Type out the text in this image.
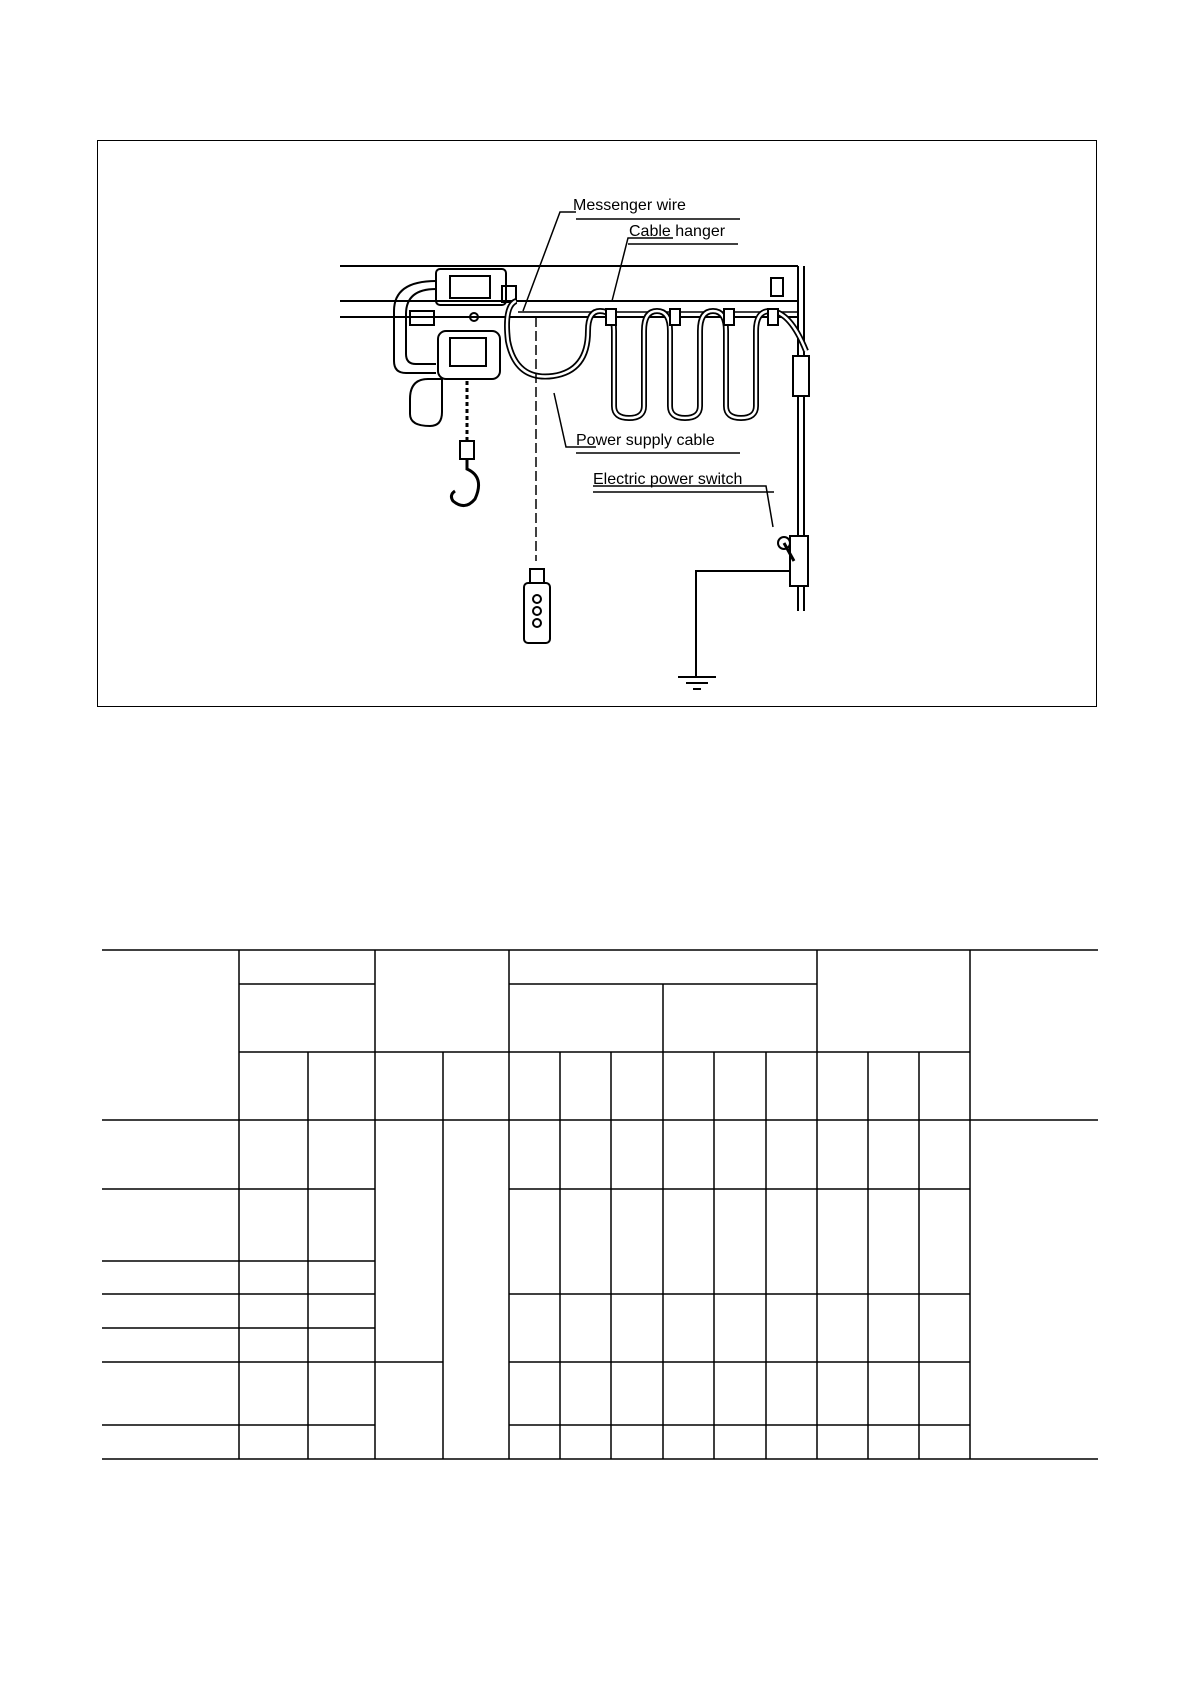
Messenger wire
Cable hanger
Power supply cable
Electric power switch
